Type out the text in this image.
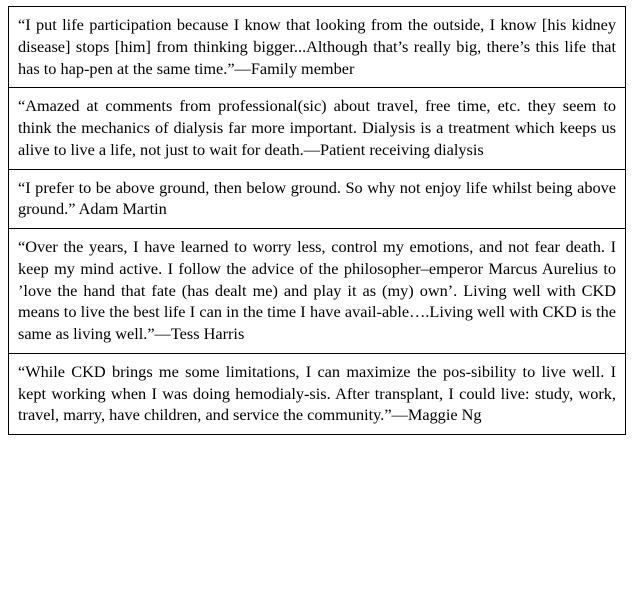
“I put life participation because I know that looking from the outside, I know [his kidney disease] stops [him] from thinking bigger...Although that’s really big, there’s this life that has to hap-pen at the same time.”—Family member

“Amazed at comments from professional(sic) about travel, free time, etc. they seem to think the mechanics of dialysis far more important. Dialysis is a treatment which keeps us alive to live a life, not just to wait for death.—Patient receiving dialysis

“I prefer to be above ground, then below ground. So why not enjoy life whilst being above ground.” Adam Martin

“Over the years, I have learned to worry less, control my emotions, and not fear death. I keep my mind active. I follow the advice of the philosopher–emperor Marcus Aurelius to ’love the hand that fate (has dealt me) and play it as (my) own’. Living well with CKD means to live the best life I can in the time I have avail-able….Living well with CKD is the same as living well.”—Tess Harris

“While CKD brings me some limitations, I can maximize the pos-sibility to live well. I kept working when I was doing hemodialy-sis. After transplant, I could live: study, work, travel, marry, have children, and service the community.”—Maggie Ng
